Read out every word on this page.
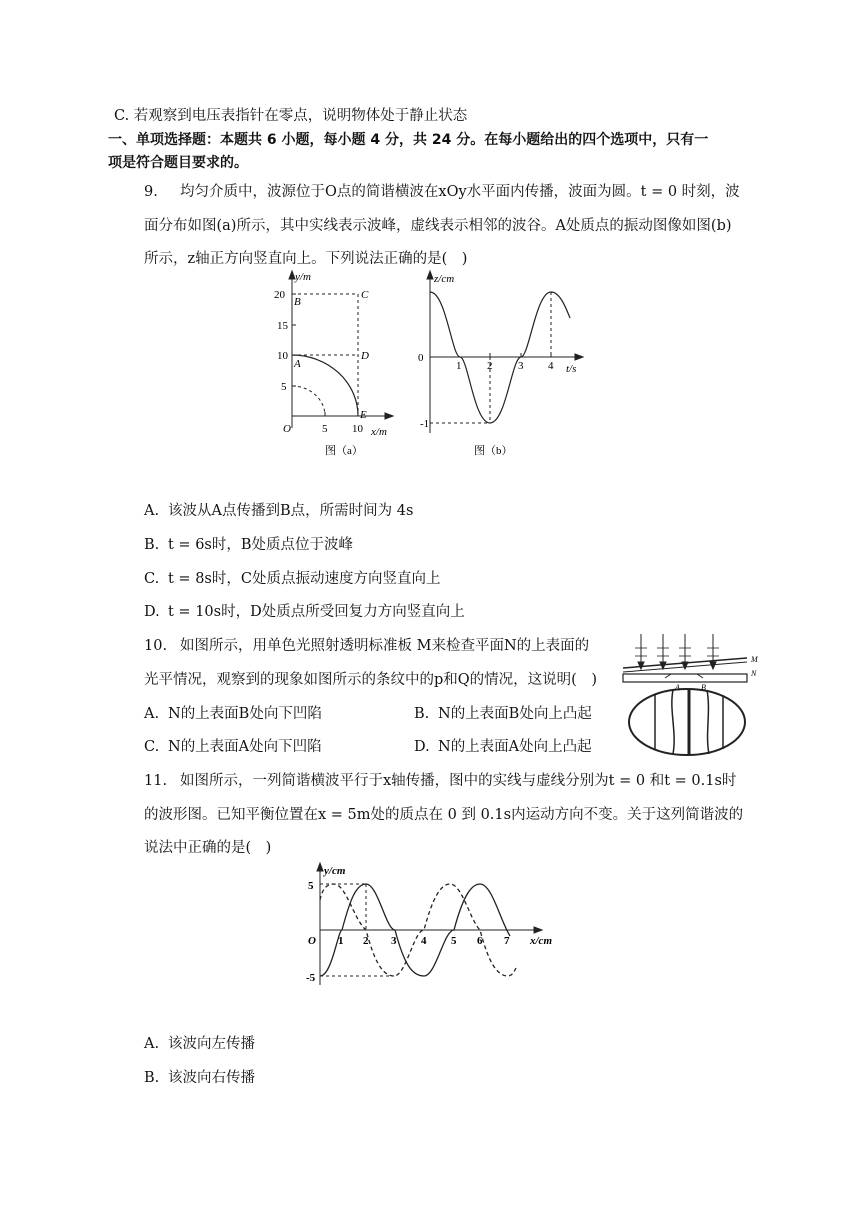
C. 若观察到电压表指针在零点，说明物体处于静止状态
一、单项选择题：本题共 6 小题，每小题 4 分，共 24 分。在每小题给出的四个选项中，只有一
项是符合题目要求的。
9. 均匀介质中，波源位于O点的简谐横波在xOy水平面内传播，波面为圆。t = 0 时刻，波
面分布如图(a)所示，其中实线表示波峰，虚线表示相邻的波谷。A处质点的振动图像如图(b)
所示，z轴正方向竖直向上。下列说法正确的是(　)
y/m
20
15
10
5
O	5 10 x/m
B
C
A
D
E
图（a）
z/cm
0
-1
1 2 3 4 t/s
图（b）
A. 该波从A点传播到B点，所需时间为 4s
B. t = 6s时，B处质点位于波峰
C. t = 8s时，C处质点振动速度方向竖直向上
D. t = 10s时，D处质点所受回复力方向竖直向上
10. 如图所示，用单色光照射透明标准板 M来检查平面N的上表面的
光平情况，观察到的现象如图所示的条纹中的p和Q的情况，这说明(　)
M
N
A	B
A. N的上表面B处向下凹陷	B. N的上表面B处向上凸起
C. N的上表面A处向下凹陷	D. N的上表面A处向上凸起
11. 如图所示，一列简谐横波平行于x轴传播，图中的实线与虚线分别为t = 0 和t = 0.1s时
的波形图。已知平衡位置在x = 5m处的质点在 0 到 0.1s内运动方向不变。关于这列简谐波的
说法中正确的是(　)
y/cm
5
-5
O 1 2 3 4 5 6 7 x/cm
A. 该波向左传播
B. 该波向右传播
